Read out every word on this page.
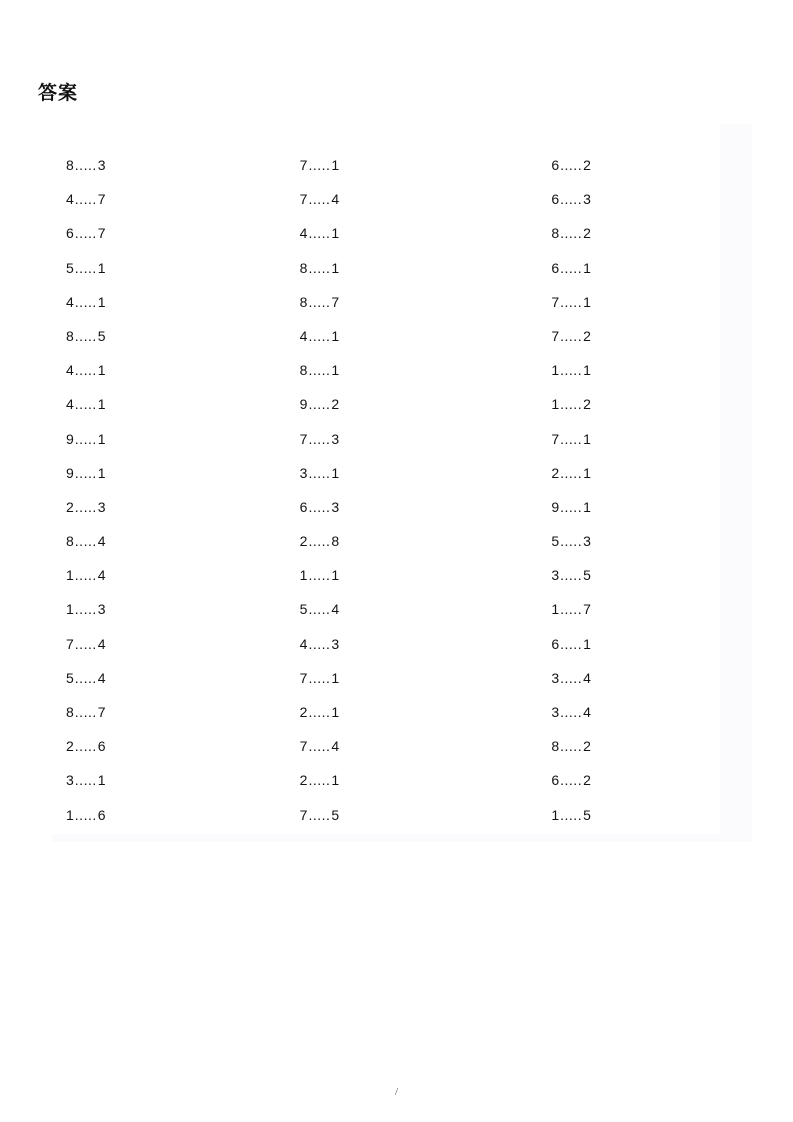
答案
8.....3
4.....7
6.....7
5.....1
4.....1
8.....5
4.....1
4.....1
9.....1
9.....1
2.....3
8.....4
1.....4
1.....3
7.....4
5.....4
8.....7
2.....6
3.....1
1.....6
7.....1
7.....4
4.....1
8.....1
8.....7
4.....1
8.....1
9.....2
7.....3
3.....1
6.....3
2.....8
1.....1
5.....4
4.....3
7.....1
2.....1
7.....4
2.....1
7.....5
6.....2
6.....3
8.....2
6.....1
7.....1
7.....2
1.....1
1.....2
7.....1
2.....1
9.....1
5.....3
3.....5
1.....7
6.....1
3.....4
3.....4
8.....2
6.....2
1.....5
/
